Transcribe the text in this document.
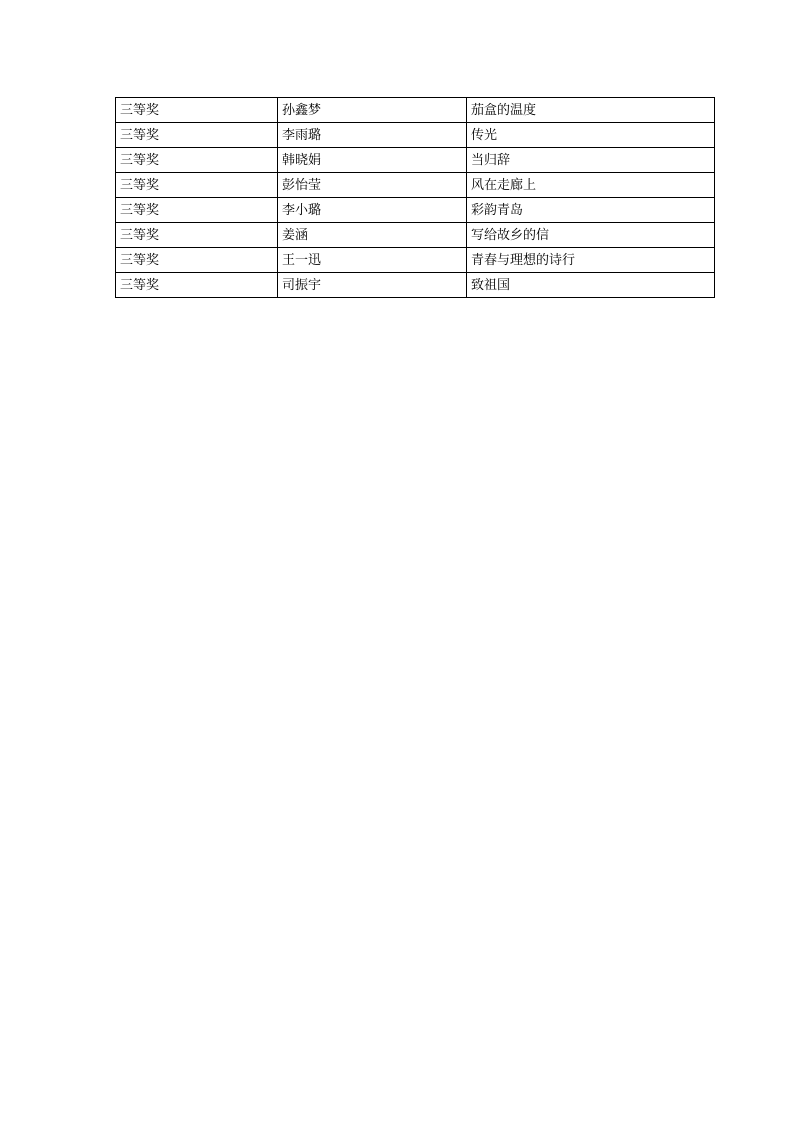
三等奖	孙鑫梦	茄盒的温度
三等奖	李雨璐	传光
三等奖	韩晓娟	当归辞
三等奖	彭怡莹	风在走廊上
三等奖	李小璐	彩韵青岛
三等奖	姜涵	写给故乡的信
三等奖	王一迅	青春与理想的诗行
三等奖	司振宇	致祖国
